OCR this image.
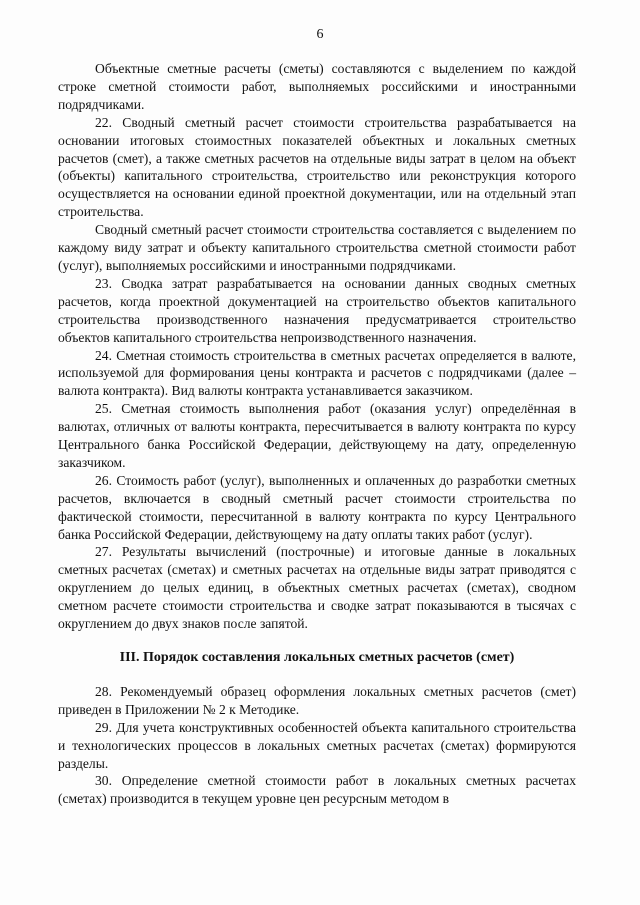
6

Объектные сметные расчеты (сметы) составляются с выделением по каждой строке сметной стоимости работ, выполняемых российскими и иностранными подрядчиками.

22. Сводный сметный расчет стоимости строительства разрабатывается на основании итоговых стоимостных показателей объектных и локальных сметных расчетов (смет), а также сметных расчетов на отдельные виды затрат в целом на объект (объекты) капитального строительства, строительство или реконструкция которого осуществляется на основании единой проектной документации, или на отдельный этап строительства.

Сводный сметный расчет стоимости строительства составляется с выделением по каждому виду затрат и объекту капитального строительства сметной стоимости работ (услуг), выполняемых российскими и иностранными подрядчиками.

23. Сводка затрат разрабатывается на основании данных сводных сметных расчетов, когда проектной документацией на строительство объектов капитального строительства производственного назначения предусматривается строительство объектов капитального строительства непроизводственного назначения.

24. Сметная стоимость строительства в сметных расчетах определяется в валюте, используемой для формирования цены контракта и расчетов с подрядчиками (далее – валюта контракта). Вид валюты контракта устанавливается заказчиком.

25. Сметная стоимость выполнения работ (оказания услуг) определённая в валютах, отличных от валюты контракта, пересчитывается в валюту контракта по курсу Центрального банка Российской Федерации, действующему на дату, определенную заказчиком.

26. Стоимость работ (услуг), выполненных и оплаченных до разработки сметных расчетов, включается в сводный сметный расчет стоимости строительства по фактической стоимости, пересчитанной в валюту контракта по курсу Центрального банка Российской Федерации, действующему на дату оплаты таких работ (услуг).

27. Результаты вычислений (построчные) и итоговые данные в локальных сметных расчетах (сметах) и сметных расчетах на отдельные виды затрат приводятся с округлением до целых единиц, в объектных сметных расчетах (сметах), сводном сметном расчете стоимости строительства и сводке затрат показываются в тысячах с округлением до двух знаков после запятой.

III. Порядок составления локальных сметных расчетов (смет)

28. Рекомендуемый образец оформления локальных сметных расчетов (смет) приведен в Приложении № 2 к Методике.

29. Для учета конструктивных особенностей объекта капитального строительства и технологических процессов в локальных сметных расчетах (сметах) формируются разделы.

30. Определение сметной стоимости работ в локальных сметных расчетах (сметах) производится в текущем уровне цен ресурсным методом в
